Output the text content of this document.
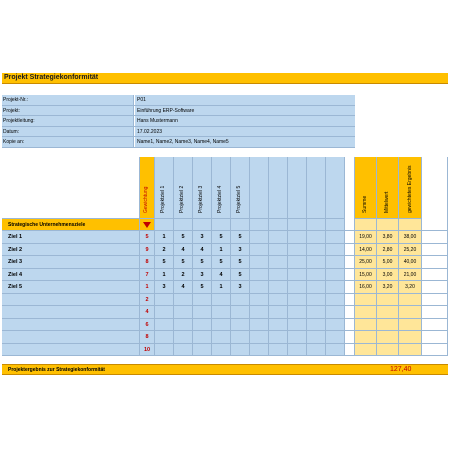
Projekt Strategiekonformität
Projekt-Nr.:	P01
Projekt:	Einführung ERP-Software
Projektleitung:	Hans Mustermann
Datum:	17.02.2023
Kopie an:	Name1, Name2, Name3, Name4, Name5
Gewichtung Projektziel 1	Projektziel 2	Projektziel 3	Projektziel 4	Projektziel 5	Summe	Mittelwert	gewichtetes Ergebnis
Strategische Unternehmensziele
Ziel 1	5	1	5	3	5	5	19,00	3,80	38,00
Ziel 2	9	2	4	4	1	3	14,00	2,80	25,20
Ziel 3	8	5	5	5	5	5	25,00	5,00	40,00
Ziel 4	7	1	2	3	4	5	15,00	3,00	21,00
Ziel 5	1	3	4	5	1	3	16,00	3,20	3,20
2
4
6
8
10
Projektergebnis zur Strategiekonformität	127,40
